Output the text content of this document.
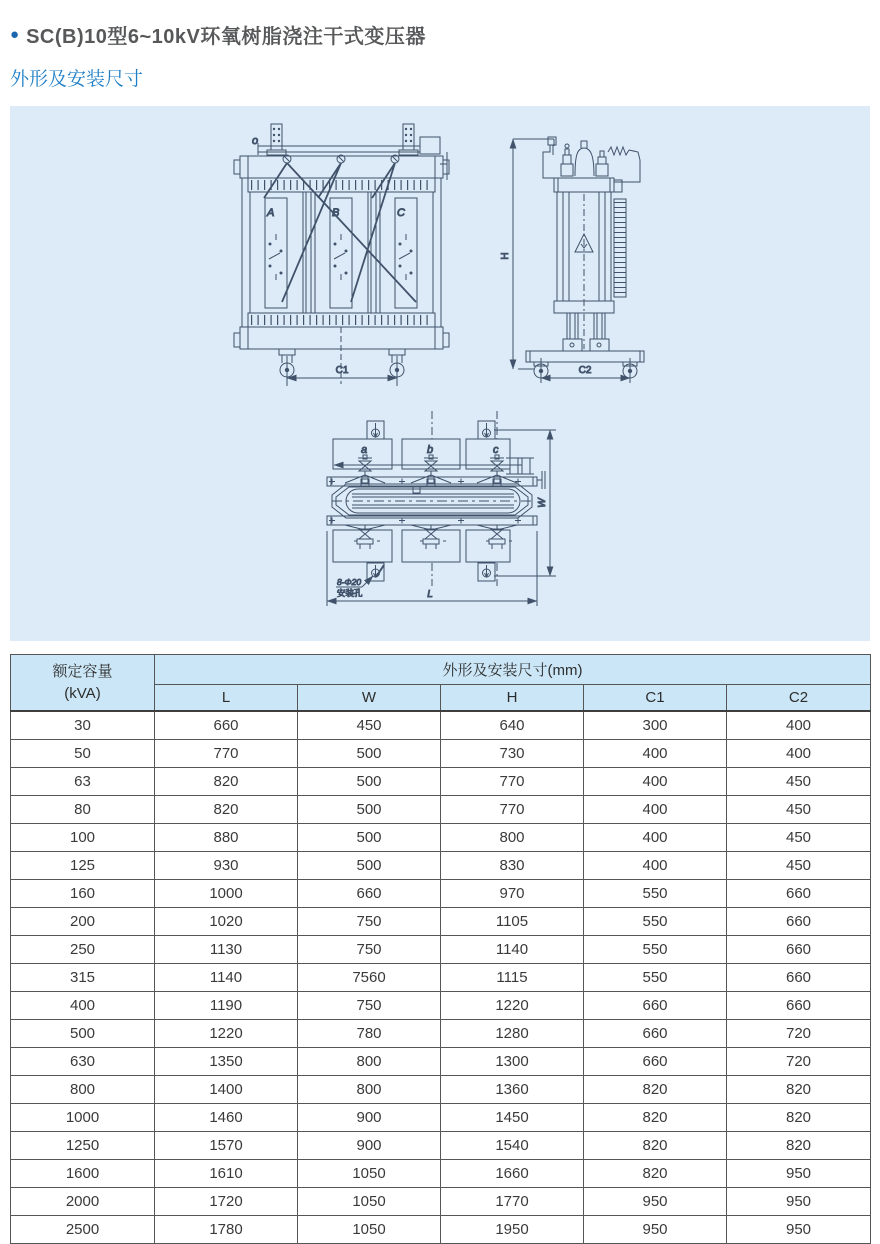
● SC(B)10型6~10kV环氧树脂浇注干式变压器
外形及安装尺寸
o
A	B	C
C1
H
C2
a	b	c
W
L
8-Φ20
安装孔
额定容量
(kVA)	外形及安装尺寸(mm)				
	L	W	H	C1	C2
30	660	450	640	300	400
50	770	500	730	400	400
63	820	500	770	400	450
80	820	500	770	400	450
100	880	500	800	400	450
125	930	500	830	400	450
160	1000	660	970	550	660
200	1020	750	1105	550	660
250	1130	750	1140	550	660
315	1140	7560	1115	550	660
400	1190	750	1220	660	660
500	1220	780	1280	660	720
630	1350	800	1300	660	720
800	1400	800	1360	820	820
1000	1460	900	1450	820	820
1250	1570	900	1540	820	820
1600	1610	1050	1660	820	950
2000	1720	1050	1770	950	950
2500	1780	1050	1950	950	950
